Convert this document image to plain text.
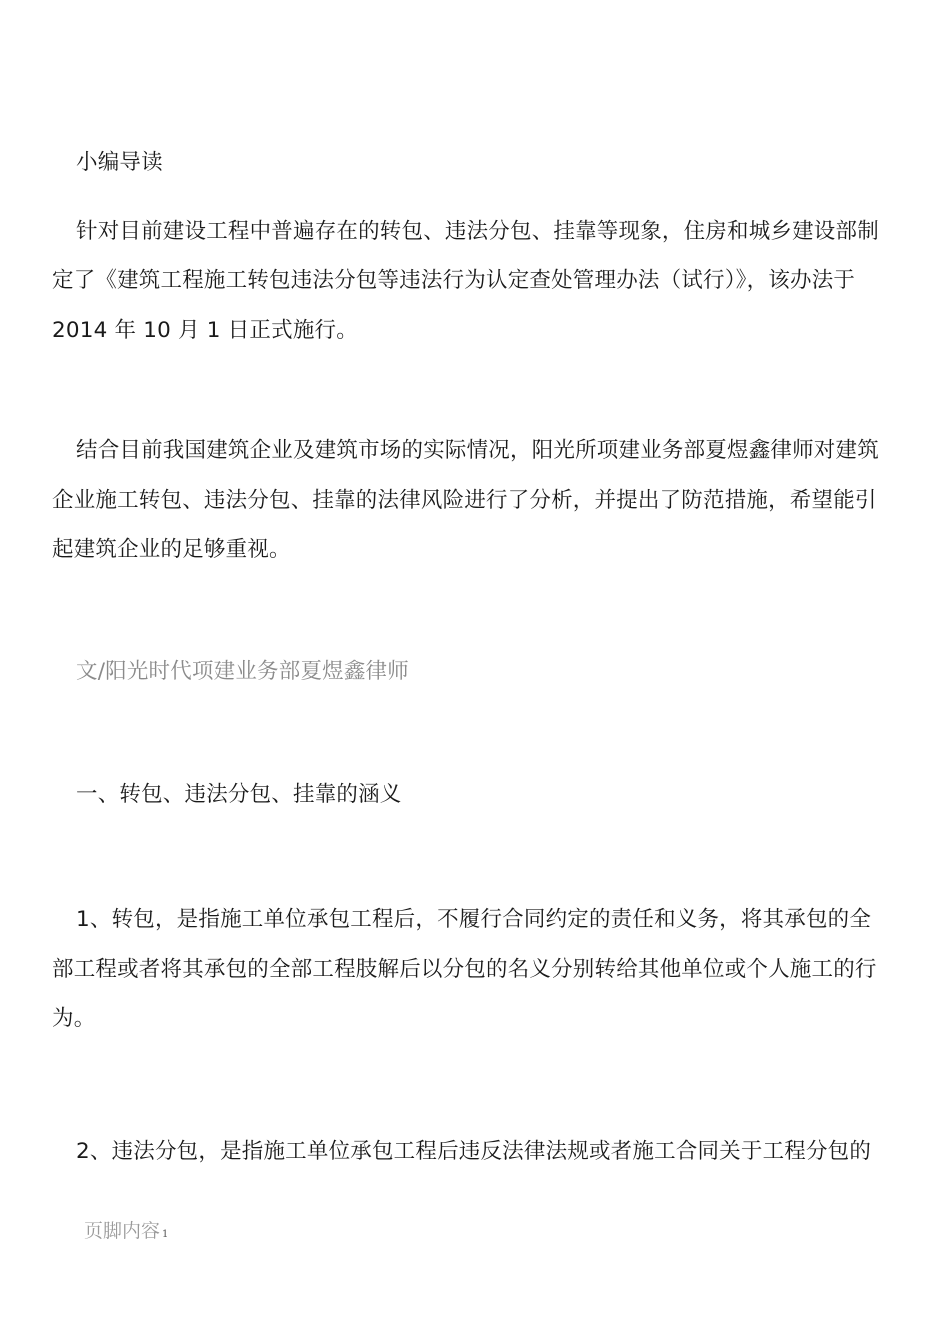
小编导读
针对目前建设工程中普遍存在的转包、违法分包、挂靠等现象，住房和城乡建设部制
定了《建筑工程施工转包违法分包等违法行为认定查处管理办法（试行）》，该办法于
2014 年 10 月 1 日正式施行。
结合目前我国建筑企业及建筑市场的实际情况，阳光所项建业务部夏煜鑫律师对建筑
企业施工转包、违法分包、挂靠的法律风险进行了分析，并提出了防范措施，希望能引
起建筑企业的足够重视。
文/阳光时代项建业务部夏煜鑫律师
一、转包、违法分包、挂靠的涵义
1、转包，是指施工单位承包工程后，不履行合同约定的责任和义务，将其承包的全
部工程或者将其承包的全部工程肢解后以分包的名义分别转给其他单位或个人施工的行
为。
2、违法分包，是指施工单位承包工程后违反法律法规或者施工合同关于工程分包的
页脚内容 1
